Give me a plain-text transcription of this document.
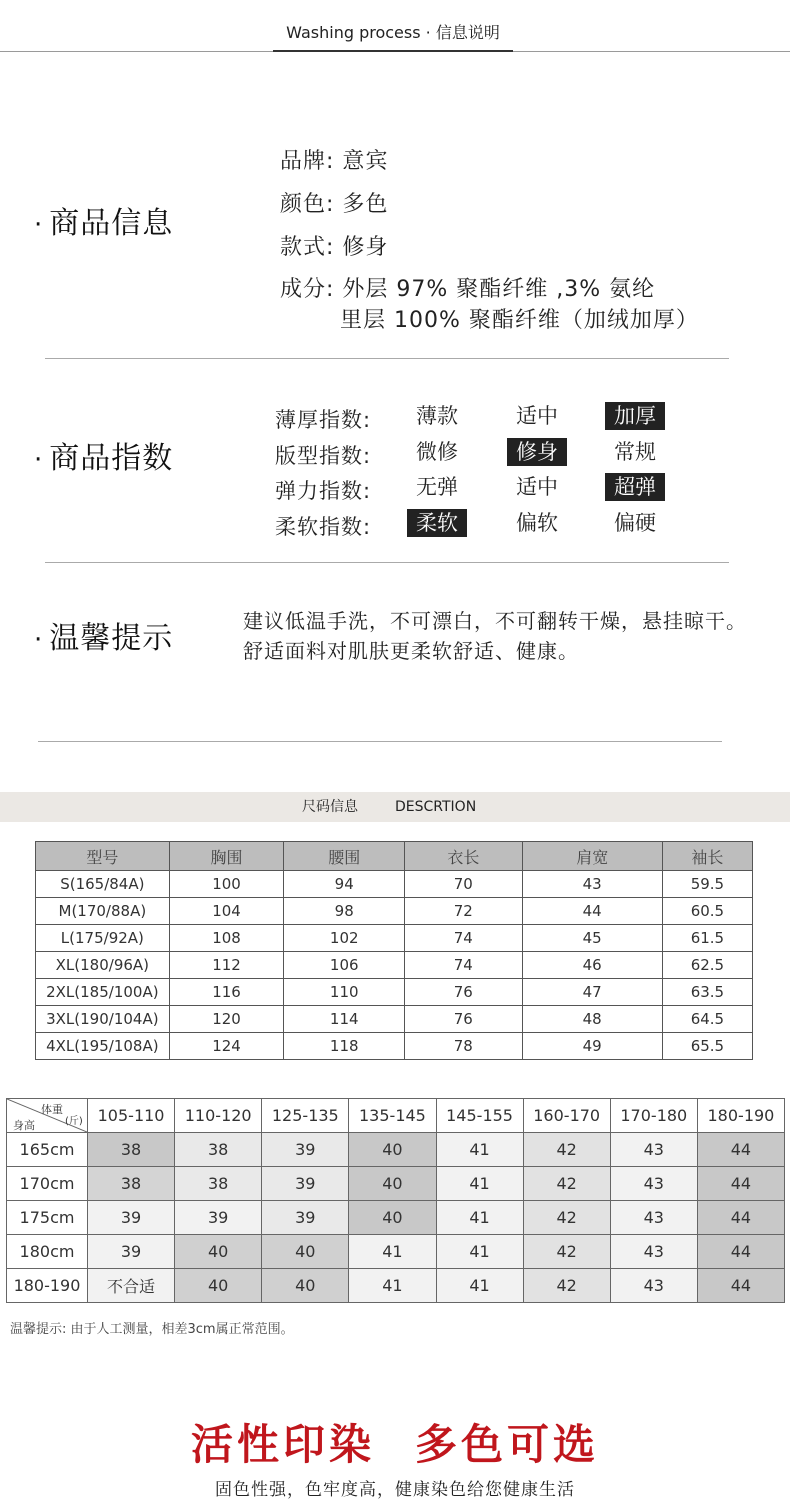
Washing process · 信息说明
· 商品信息
品牌: 意宾
颜色: 多色
款式: 修身
成分: 外层 97% 聚酯纤维 ,3% 氨纶
里层 100% 聚酯纤维（加绒加厚）
· 商品指数
薄厚指数:	薄款	适中	加厚
版型指数:	微修	修身	常规
弹力指数:	无弹	适中	超弹
柔软指数:	柔软	偏软	偏硬
· 温馨提示	建议低温手洗，不可漂白，不可翻转干燥，悬挂晾干。
舒适面料对肌肤更柔软舒适、健康。
尺码信息	DESCRTION
型号	胸围	腰围	衣长	肩宽	袖长
S(165/84A)	100	94	70	43	59.5
M(170/88A)	104	98	72	44	60.5
L(175/92A)	108	102	74	45	61.5
XL(180/96A)	112	106	74	46	62.5
2XL(185/100A)	116	110	76	47	63.5
3XL(190/104A)	120	114	76	48	64.5
4XL(195/108A)	124	118	78	49	65.5
体重
(斤)
身高	105-110	110-120	125-135	135-145	145-155	160-170	170-180	180-190
165cm	38	38	39	40	41	42	43	44
170cm	38	38	39	40	41	42	43	44
175cm	39	39	39	40	41	42	43	44
180cm	39	40	40	41	41	42	43	44
180-190	不合适	40	40	41	41	42	43	44
温馨提示: 由于人工测量，相差3cm属正常范围。
活性印染 多色可选
固色性强，色牢度高，健康染色给您健康生活
